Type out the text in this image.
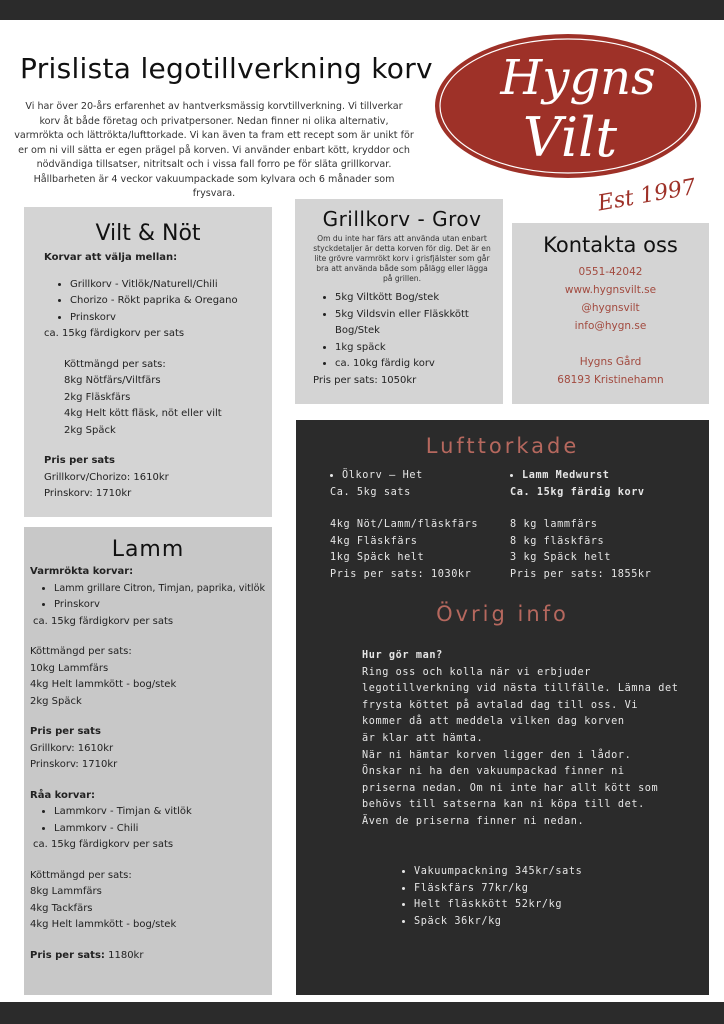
Prislista legotillverkning korv

Vi har över 20-års erfarenhet av hantverksmässig korvtillverkning. Vi tillverkar korv åt både företag och privatpersoner. Nedan finner ni olika alternativ, varmrökta och lättrökta/lufttorkade. Vi kan även ta fram ett recept som är unikt för er om ni vill sätta er egen prägel på korven. Vi använder enbart kött, kryddor och nödvändiga tillsatser, nitritsalt och i vissa fall forro pe för släta grillkorvar. Hållbarheten är 4 veckor vakuumpackade som kylvara och 6 månader som frysvara.

Hygns
Vilt
Est 1997
Vilt & Nöt
Korvar att välja mellan:
• Grillkorv - Vitlök/Naturell/Chili
• Chorizo - Rökt paprika & Oregano
• Prinskorv
ca. 15kg färdigkorv per sats
Köttmängd per sats:
8kg Nötfärs/Viltfärs
2kg Fläskfärs
4kg Helt kött fläsk, nöt eller vilt
2kg Späck
Pris per sats
Grillkorv/Chorizo: 1610kr
Prinskorv: 1710kr
Grillkorv - Grov
Om du inte har färs att använda utan enbart styckdetaljer är detta korven för dig. Det är en lite grövre varmrökt korv i grisfjälster som går bra att använda både som pålägg eller lägga på grillen.
• 5kg Viltkött Bog/stek
• 5kg Vildsvin eller Fläskkött Bog/Stek
• 1kg späck
• ca. 10kg färdig korv
Pris per sats: 1050kr
Kontakta oss
0551-42042
www.hygnsvilt.se
@hygnsvilt
info@hygn.se
Hygns Gård
68193 Kristinehamn
Lamm
Varmrökta korvar:
• Lamm grillare Citron, Timjan, paprika, vitlök
• Prinskorv
ca. 15kg färdigkorv per sats
Köttmängd per sats:
10kg Lammfärs
4kg Helt lammkött - bog/stek
2kg Späck
Pris per sats
Grillkorv: 1610kr
Prinskorv: 1710kr
Råa korvar:
• Lammkorv - Timjan & vitlök
• Lammkorv - Chili
ca. 15kg färdigkorv per sats
Köttmängd per sats:
8kg Lammfärs
4kg Tackfärs
4kg Helt lammkött - bog/stek
Pris per sats: 1180kr
Lufttorkade
• Ölkorv – Het
Ca. 5kg sats
4kg Nöt/Lamm/fläskfärs
4kg Fläskfärs
1kg Späck helt
Pris per sats: 1030kr
• Lamm Medwurst
Ca. 15kg färdig korv
8 kg lammfärs
8 kg fläskfärs
3 kg Späck helt
Pris per sats: 1855kr
Övrig info
Hur gör man?
Ring oss och kolla när vi erbjuder
legotillverkning vid nästa tillfälle. Lämna det
frysta köttet på avtalad dag till oss. Vi
kommer då att meddela vilken dag korven
är klar att hämta.
När ni hämtar korven ligger den i lådor.
Önskar ni ha den vakuumpackad finner ni
priserna nedan. Om ni inte har allt kött som
behövs till satserna kan ni köpa till det.
Även de priserna finner ni nedan.
• Vakuumpackning 345kr/sats
• Fläskfärs 77kr/kg
• Helt fläskkött 52kr/kg
• Späck 36kr/kg
